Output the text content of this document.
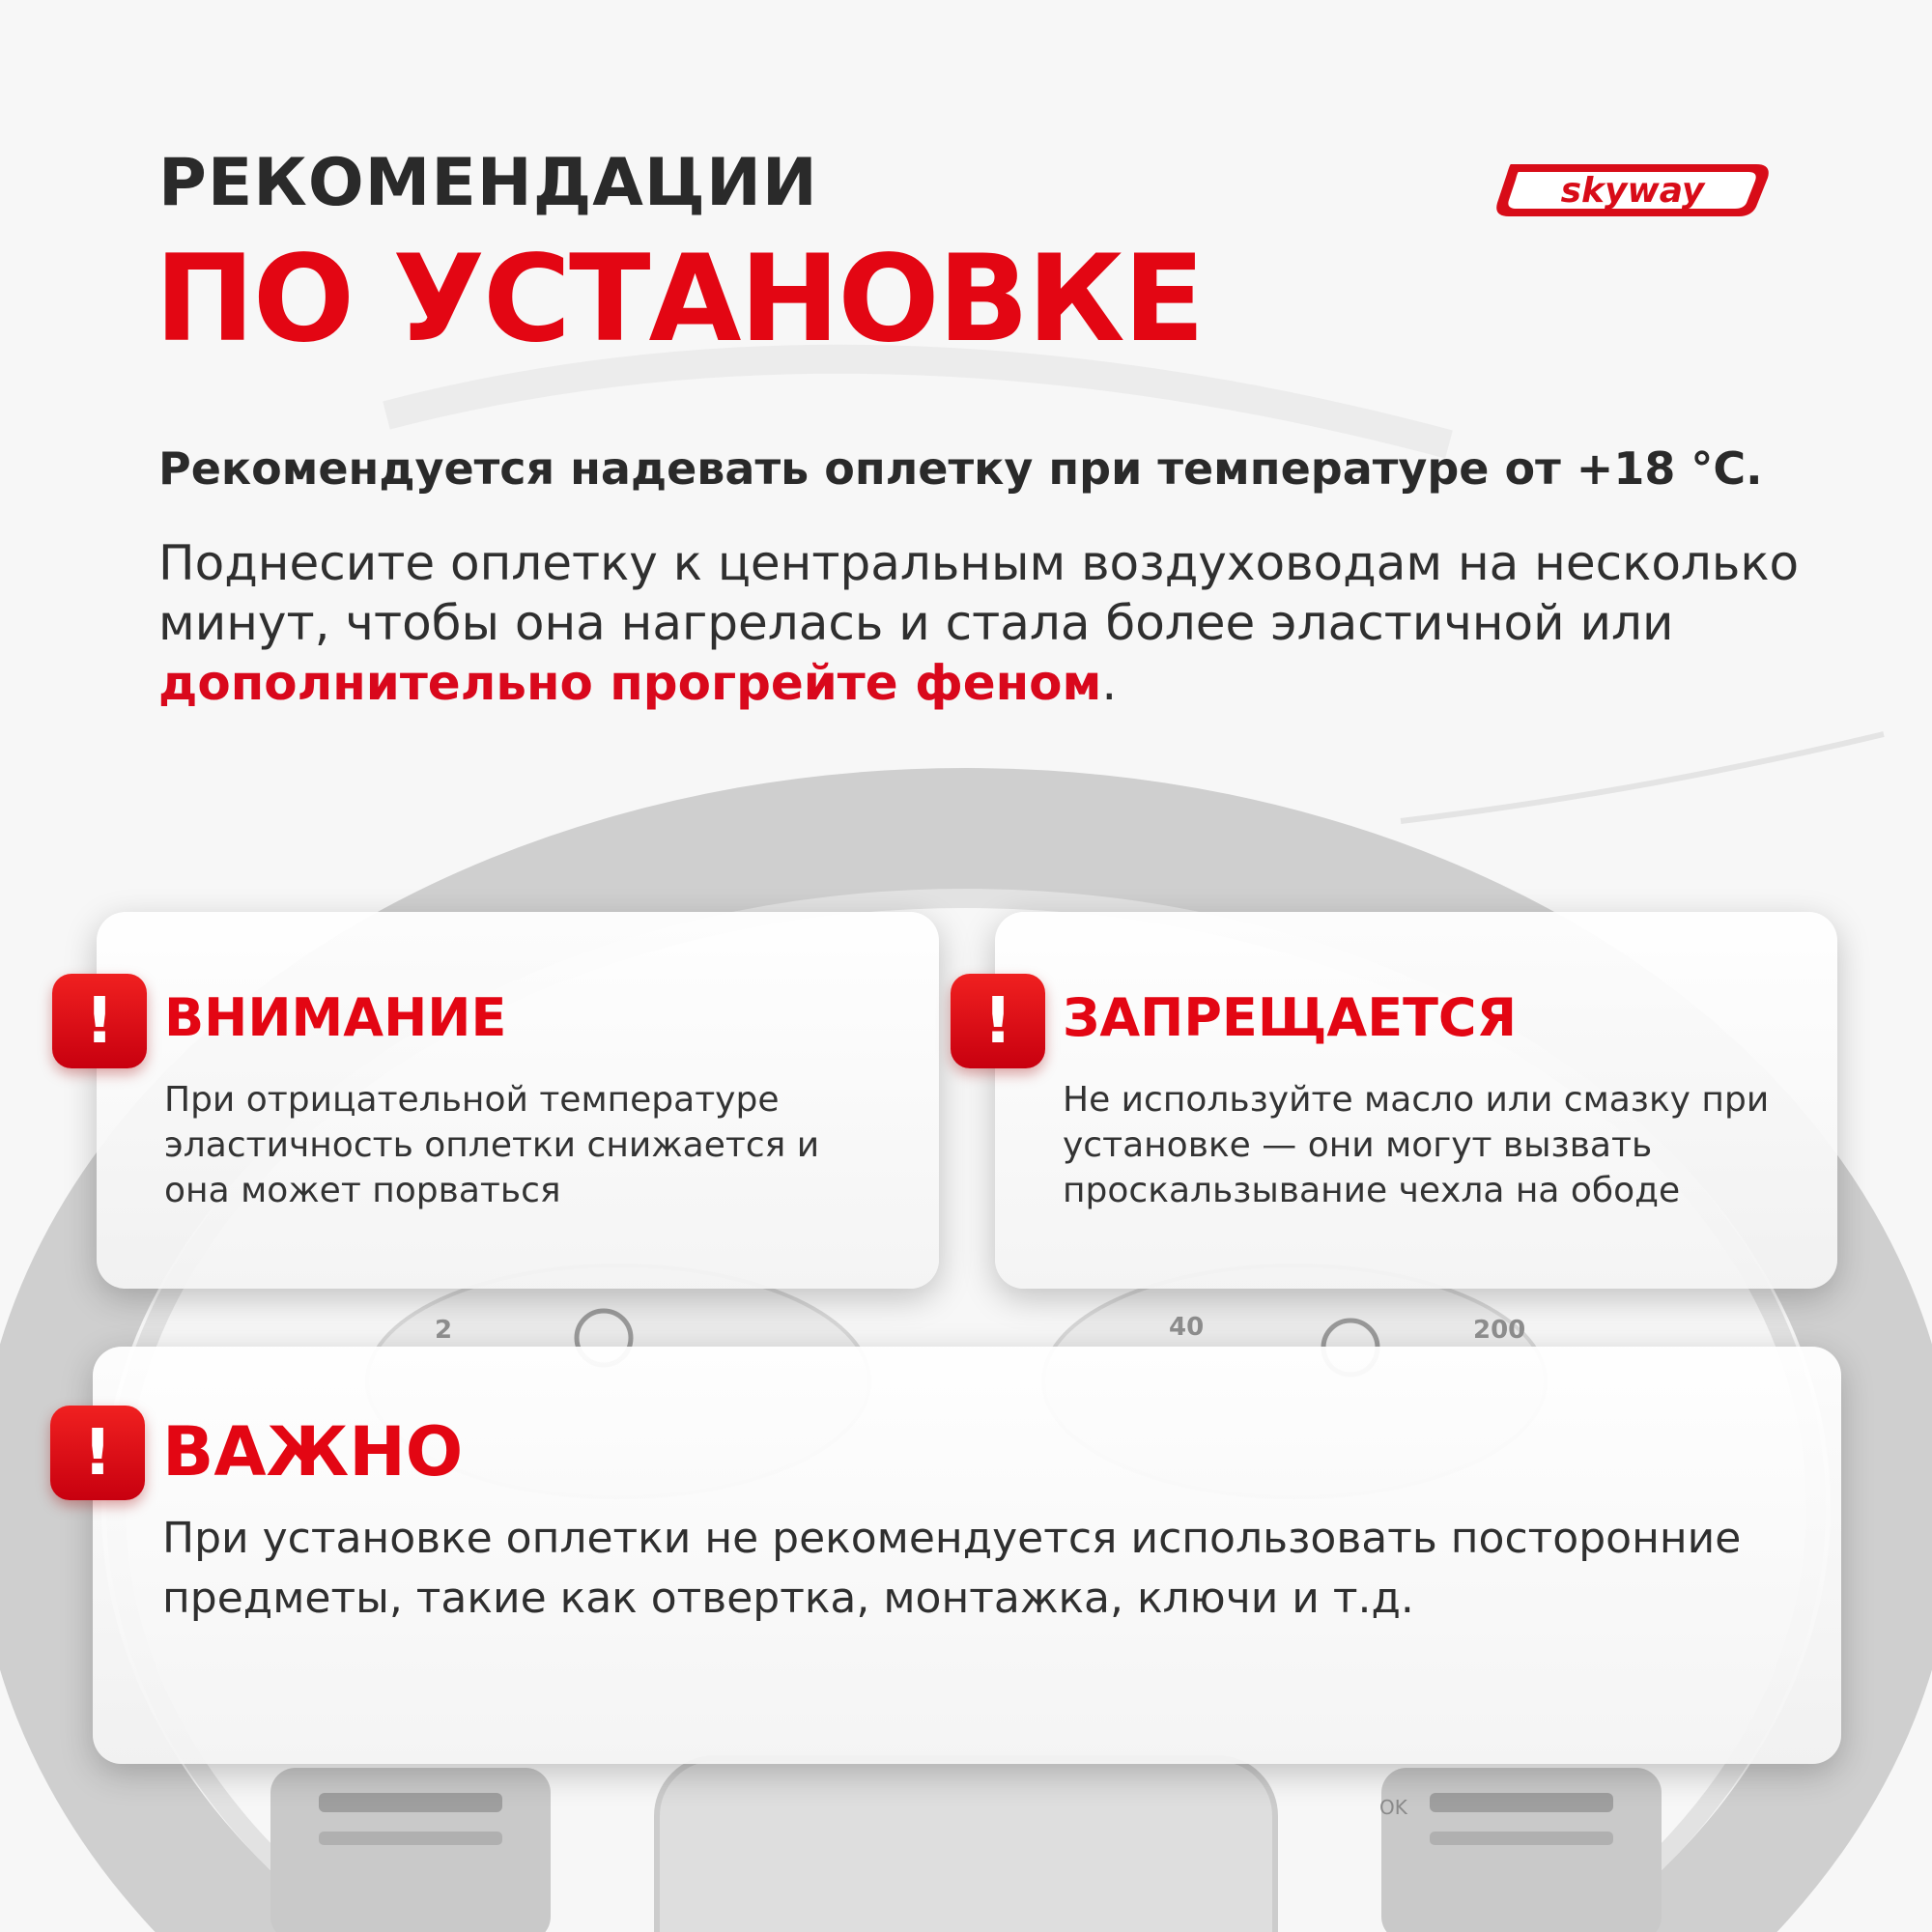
2	40	200
OK
РЕКОМЕНДАЦИИ
ПО УСТАНОВКЕ
skyway
Рекомендуется надевать оплетку при температуре от +18 °С.
Поднесите оплетку к центральным воздуховодам на несколько минут, чтобы она нагрелась и стала более эластичной или дополнительно прогрейте феном.
! ВНИМАНИЕ
При отрицательной температуре эластичность оплетки снижается и она может порваться
! ЗАПРЕЩАЕТСЯ
Не используйте масло или смазку при установке — они могут вызвать проскальзывание чехла на ободе
! ВАЖНО
При установке оплетки не рекомендуется использовать посторонние предметы, такие как отвертка, монтажка, ключи и т.д.
